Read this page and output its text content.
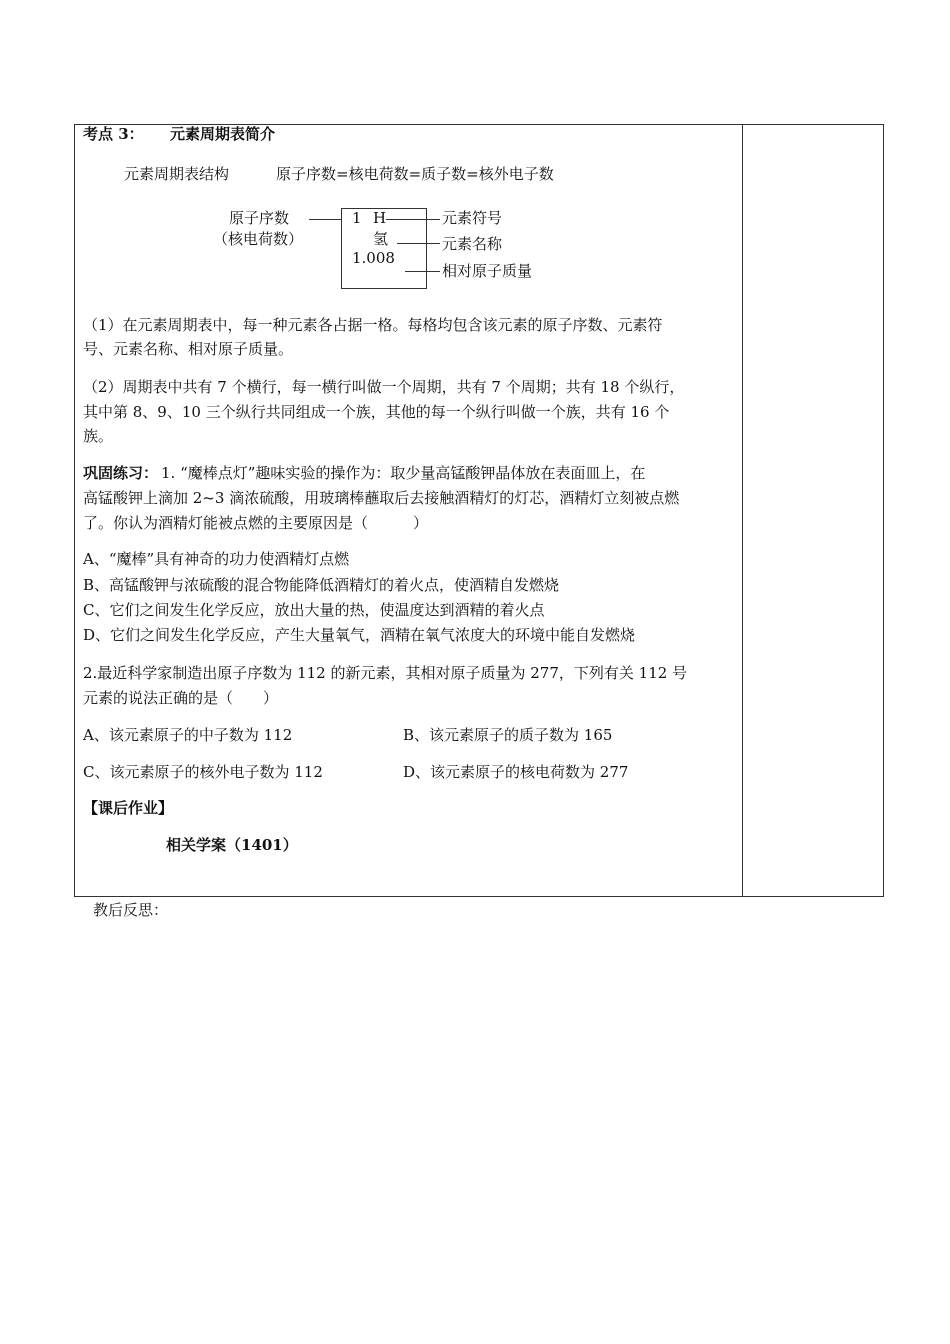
考点 3： 元素周期表简介
元素周期表结构	原子序数=核电荷数=质子数=核外电子数
原子序数
（核电荷数）
1 H
氢
1.008
元素符号
元素名称
相对原子质量
（1）在元素周期表中，每一种元素各占据一格。每格均包含该元素的原子序数、元素符
号、元素名称、相对原子质量。
（2）周期表中共有 7 个横行，每一横行叫做一个周期，共有 7 个周期；共有 18 个纵行，
其中第 8、9、10 三个纵行共同组成一个族，其他的每一个纵行叫做一个族，共有 16 个
族。
巩固练习： 1. “魔棒点灯”趣味实验的操作为：取少量高锰酸钾晶体放在表面皿上，在
高锰酸钾上滴加 2~3 滴浓硫酸，用玻璃棒蘸取后去接触酒精灯的灯芯，酒精灯立刻被点燃
了。你认为酒精灯能被点燃的主要原因是（　　　）
A、“魔棒”具有神奇的功力使酒精灯点燃
B、高锰酸钾与浓硫酸的混合物能降低酒精灯的着火点，使酒精自发燃烧
C、它们之间发生化学反应，放出大量的热，使温度达到酒精的着火点
D、它们之间发生化学反应，产生大量氧气，酒精在氧气浓度大的环境中能自发燃烧
2.最近科学家制造出原子序数为 112 的新元素，其相对原子质量为 277，下列有关 112 号
元素的说法正确的是（　　）
A、该元素原子的中子数为 112	B、该元素原子的质子数为 165
C、该元素原子的核外电子数为 112	D、该元素原子的核电荷数为 277
【课后作业】
相关学案（1401）
教后反思：
